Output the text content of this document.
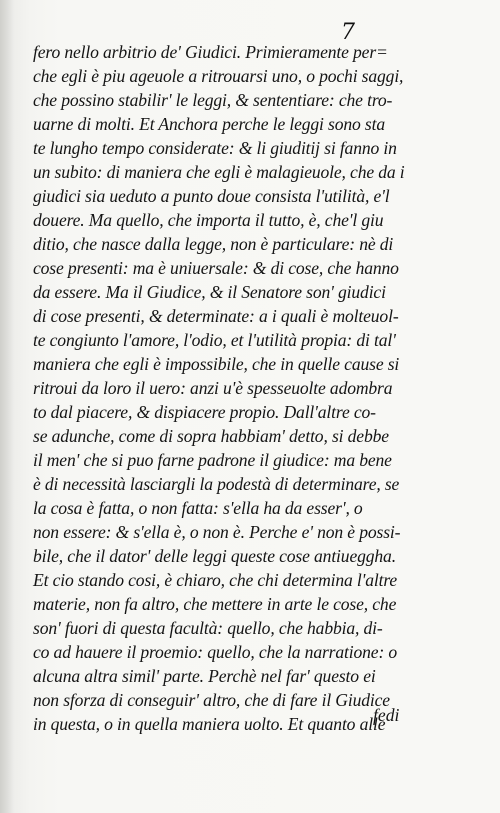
7
fero nello arbitrio de' Giudici. Primieramente per=
che egli è piu ageuole a ritrouarsi uno, o pochi saggi,
che possino stabilir' le leggi, & sententiare: che tro-
uarne di molti. Et Anchora perche le leggi sono sta
te lungho tempo considerate: & li giuditij si fanno in
un subito: di maniera che egli è malagieuole, che da i
giudici sia ueduto a punto doue consista l'utilità, e'l
douere. Ma quello, che importa il tutto, è, che'l giu
ditio, che nasce dalla legge, non è particulare: nè di
cose presenti: ma è uniuersale: & di cose, che hanno
da essere. Ma il Giudice, & il Senatore son' giudici
di cose presenti, & determinate: a i quali è molteuol-
te congiunto l'amore, l'odio, et l'utilità propia: di tal'
maniera che egli è impossibile, che in quelle cause si
ritroui da loro il uero: anzi u'è spesseuolte adombra
to dal piacere, & dispiacere propio. Dall'altre co-
se adunche, come di sopra habbiam' detto, si debbe
il men' che si puo farne padrone il giudice: ma bene
è di necessità lasciargli la podestà di determinare, se
la cosa è fatta, o non fatta: s'ella ha da esser', o
non essere: & s'ella è, o non è. Perche e' non è possi-
bile, che il dator' delle leggi queste cose antiueggha.
Et cio stando cosi, è chiaro, che chi determina l'altre
materie, non fa altro, che mettere in arte le cose, che
son' fuori di questa facultà: quello, che habbia, di-
co ad hauere il proemio: quello, che la narratione: o
alcuna altra simil' parte. Perchè nel far' questo ei
non sforza di conseguir' altro, che di fare il Giudice
in questa, o in quella maniera uolto. Et quanto alle
fedi
